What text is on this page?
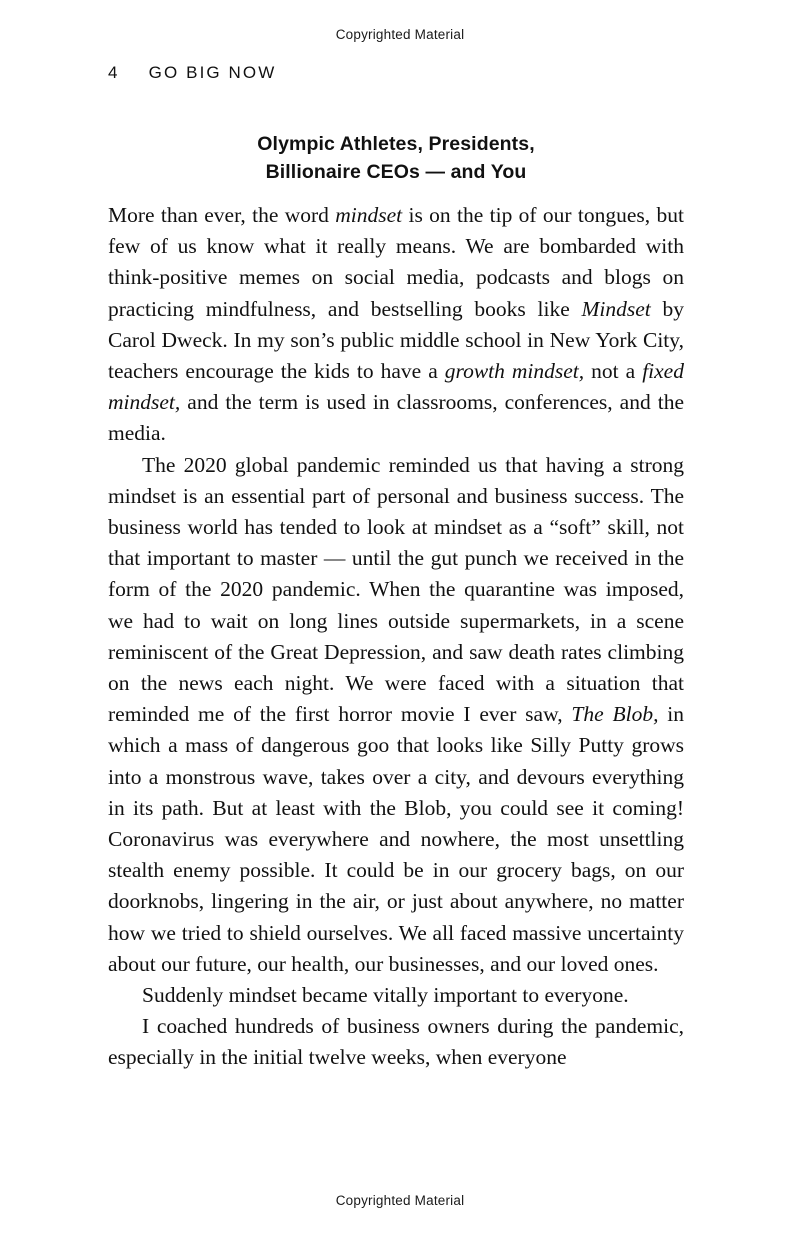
Copyrighted Material
4 GO BIG NOW
Olympic Athletes, Presidents,
Billionaire CEOs — and You

More than ever, the word mindset is on the tip of our tongues, but few of us know what it really means. We are bombarded with think-positive memes on social media, podcasts and blogs on practicing mindfulness, and bestselling books like Mindset by Carol Dweck. In my son’s public middle school in New York City, teachers encourage the kids to have a growth mindset, not a fixed mindset, and the term is used in classrooms, conferences, and the media.

The 2020 global pandemic reminded us that having a strong mindset is an essential part of personal and business success. The business world has tended to look at mindset as a “soft” skill, not that important to master — until the gut punch we received in the form of the 2020 pandemic. When the quarantine was imposed, we had to wait on long lines outside supermarkets, in a scene reminiscent of the Great Depression, and saw death rates climbing on the news each night. We were faced with a situation that reminded me of the first horror movie I ever saw, The Blob, in which a mass of dangerous goo that looks like Silly Putty grows into a monstrous wave, takes over a city, and devours everything in its path. But at least with the Blob, you could see it coming! Coronavirus was everywhere and nowhere, the most unsettling stealth enemy possible. It could be in our grocery bags, on our doorknobs, lingering in the air, or just about anywhere, no matter how we tried to shield ourselves. We all faced massive uncertainty about our future, our health, our businesses, and our loved ones.

Suddenly mindset became vitally important to everyone.

I coached hundreds of business owners during the pandemic, especially in the initial twelve weeks, when everyone

Copyrighted Material
